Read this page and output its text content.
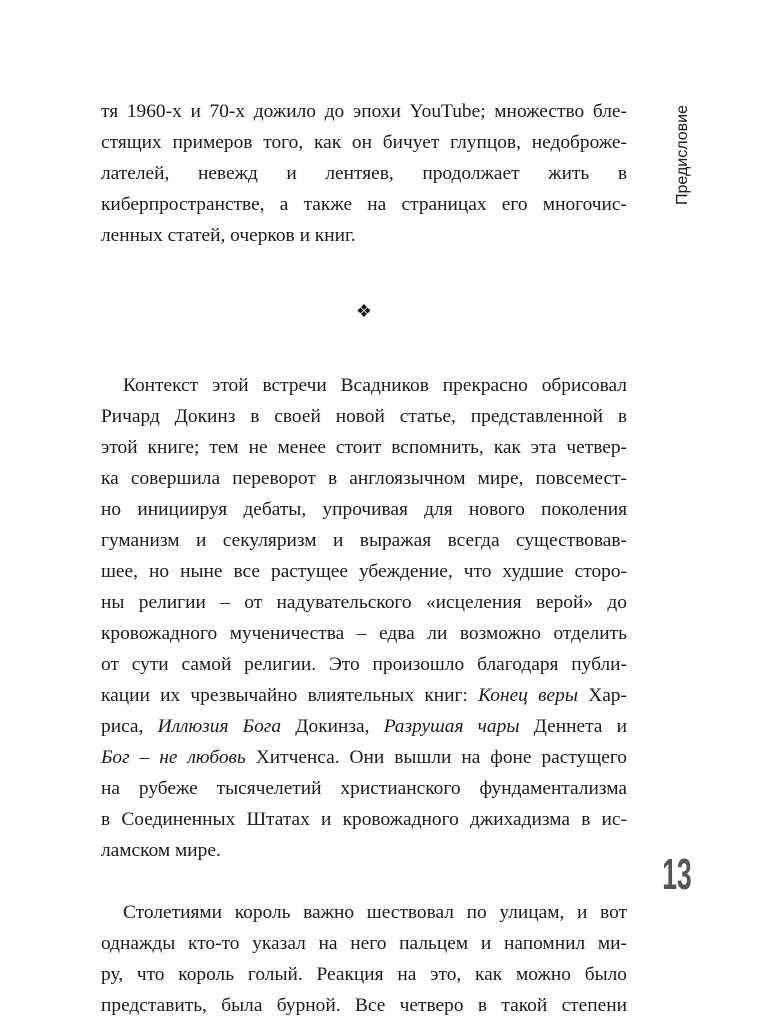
Предисловие
тя 1960-х и 70-х дожило до эпохи YouTube; множество бле-
стящих примеров того, как он бичует глупцов, недоброже-
лателей, невежд и лентяев, продолжает жить в
киберпространстве, а также на страницах его многочис-
ленных статей, очерков и книг.
❖
Контекст этой встречи Всадников прекрасно обрисовал
Ричард Докинз в своей новой статье, представленной в
этой книге; тем не менее стоит вспомнить, как эта четвер-
ка совершила переворот в англоязычном мире, повсемест-
но инициируя дебаты, упрочивая для нового поколения
гуманизм и секуляризм и выражая всегда существовав-
шее, но ныне все растущее убеждение, что худшие сторо-
ны религии – от надувательского «исцеления верой» до
кровожадного мученичества – едва ли возможно отделить
от сути самой религии. Это произошло благодаря публи-
кации их чрезвычайно влиятельных книг: Конец веры Хар-
риса, Иллюзия Бога Докинза, Разрушая чары Деннета и
Бог – не любовь Хитченса. Они вышли на фоне растущего
на рубеже тысячелетий христианского фундаментализма
в Соединенных Штатах и кровожадного джихадизма в ис-
ламском мире.
Столетиями король важно шествовал по улицам, и вот
однажды кто-то указал на него пальцем и напомнил ми-
ру, что король голый. Реакция на это, как можно было
представить, была бурной. Все четверо в такой степени
13
